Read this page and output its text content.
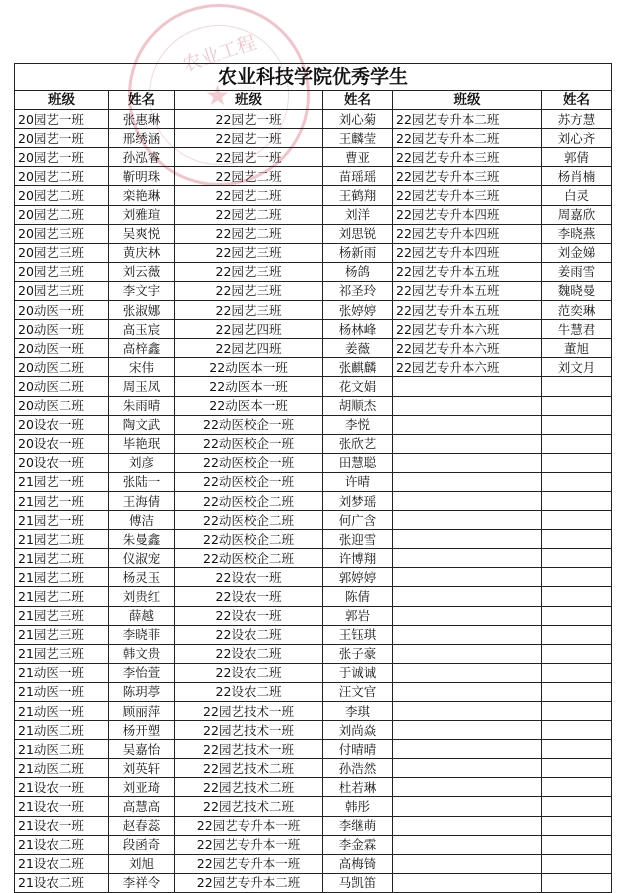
农业工程
★
农业科技学院优秀学生					
班级	姓名	班级	姓名	班级	姓名
20园艺一班	张惠琳	22园艺一班	刘心菊	22园艺专升本二班	苏方慧
20园艺一班	邢绣涵	22园艺一班	王麟莹	22园艺专升本二班	刘心齐
20园艺一班	孙泓睿	22园艺一班	曹亚	22园艺专升本三班	郭倩
20园艺二班	靳明珠	22园艺二班	苗瑶瑶	22园艺专升本三班	杨肖楠
20园艺二班	栾艳琳	22园艺二班	王鹤翔	22园艺专升本三班	白灵
20园艺二班	刘雅瑄	22园艺二班	刘洋	22园艺专升本四班	周嘉欣
20园艺三班	吴爽悦	22园艺二班	刘思锐	22园艺专升本四班	李晓燕
20园艺三班	黄庆林	22园艺三班	杨新雨	22园艺专升本四班	刘金娣
20园艺三班	刘云薇	22园艺三班	杨鸽	22园艺专升本五班	姜雨雪
20园艺三班	李文宇	22园艺三班	祁圣玲	22园艺专升本五班	魏晓曼
20动医一班	张淑娜	22园艺三班	张婷婷	22园艺专升本五班	范奕琳
20动医一班	高玉宸	22园艺四班	杨林峰	22园艺专升本六班	牛慧君
20动医一班	高梓鑫	22园艺四班	姜薇	22园艺专升本六班	董旭
20动医二班	宋伟	22动医本一班	张麒麟	22园艺专升本六班	刘文月
20动医二班	周玉凤	22动医本一班	花文娟		
20动医二班	朱雨晴	22动医本一班	胡顺杰		
20设农一班	陶文武	22动医校企一班	李悦		
20设农一班	毕艳珉	22动医校企一班	张欣艺		
20设农一班	刘彦	22动医校企一班	田慧聪		
21园艺一班	张陆一	22动医校企一班	许晴		
21园艺一班	王海倩	22动医校企二班	刘梦瑶		
21园艺一班	傅洁	22动医校企二班	何广含		
21园艺二班	朱曼鑫	22动医校企二班	张迎雪		
21园艺二班	仪淑宠	22动医校企二班	许博翔		
21园艺二班	杨灵玉	22设农一班	郭婷婷		
21园艺二班	刘贵红	22设农一班	陈倩		
21园艺三班	薛越	22设农一班	郭岩		
21园艺三班	李晓菲	22设农二班	王钰琪		
21园艺三班	韩文贵	22设农二班	张子豪		
21动医一班	李怡萱	22设农二班	于诚诚		
21动医一班	陈玥葶	22设农二班	汪文官		
21动医一班	顾丽萍	22园艺技术一班	李琪		
21动医二班	杨开塑	22园艺技术一班	刘尚焱		
21动医二班	吴嘉怡	22园艺技术一班	付晴晴		
21动医二班	刘英轩	22园艺技术二班	孙浩然		
21设农一班	刘亚琦	22园艺技术二班	杜若琳		
21设农一班	高慧高	22园艺技术二班	韩彤		
21设农一班	赵春蕊	22园艺专升本一班	李继萌		
21设农二班	段函奇	22园艺专升本一班	李金霖		
21设农二班	刘旭	22园艺专升本一班	高梅锜		
21设农二班	李祥令	22园艺专升本二班	马凯笛		
